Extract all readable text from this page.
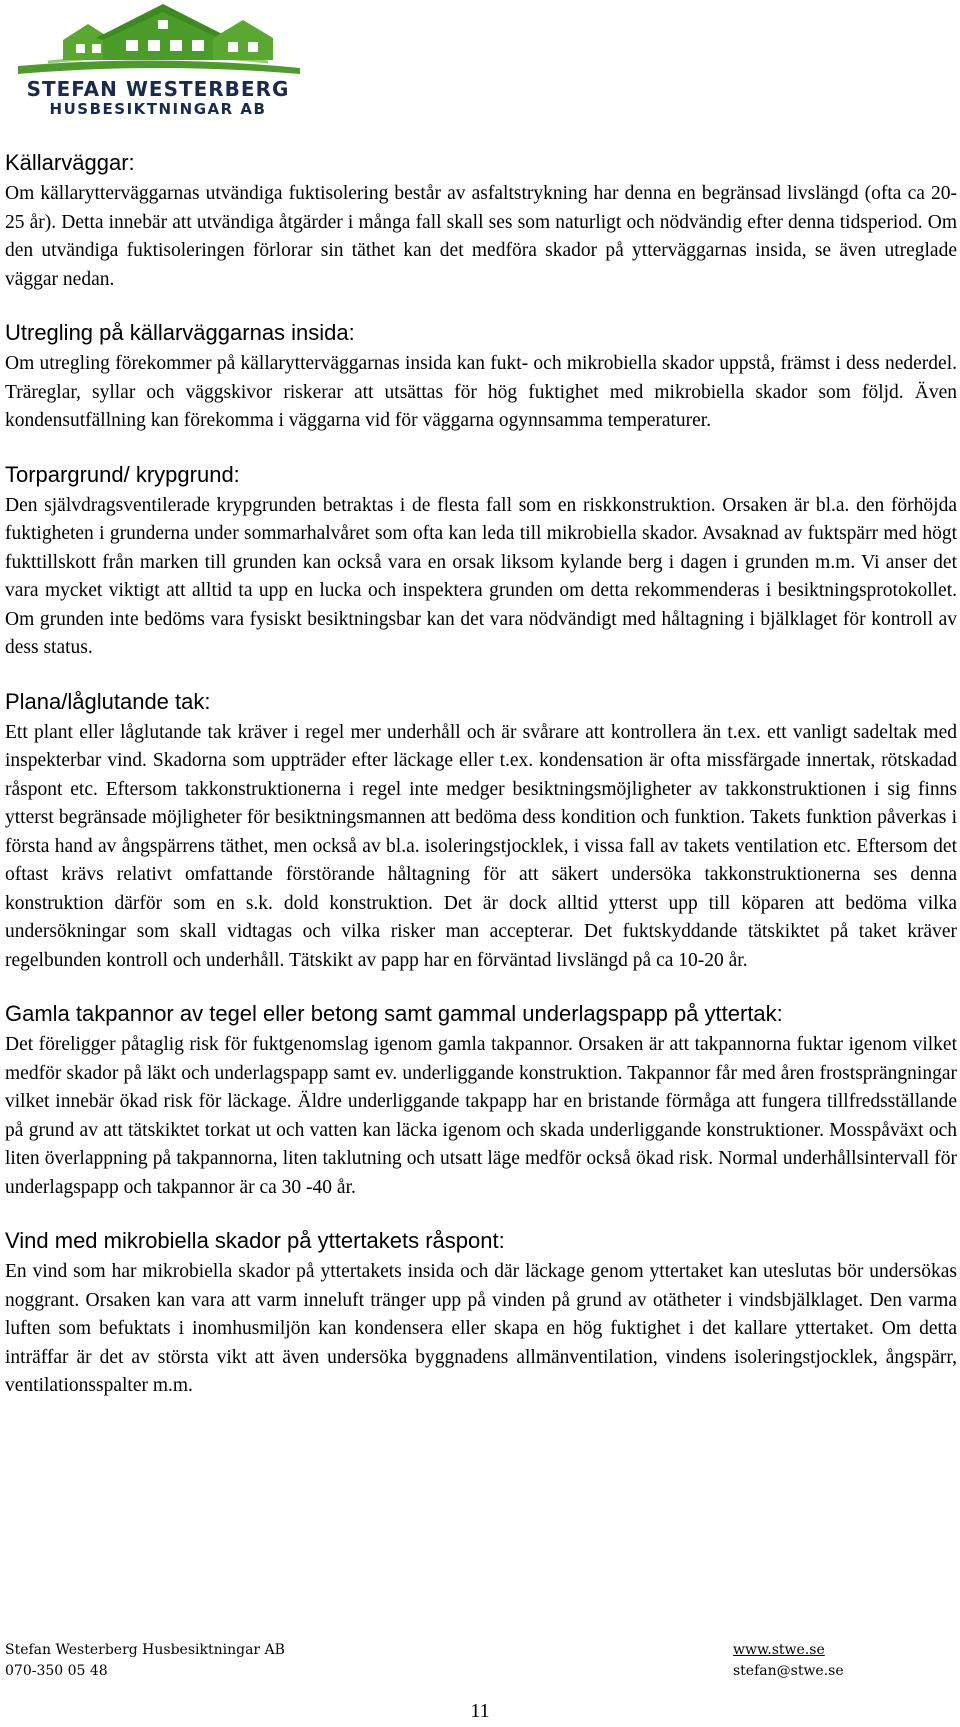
STEFAN WESTERBERG
HUSBESIKTNINGAR AB
Källarväggar:

Om källarytterväggarnas utvändiga fuktisolering består av asfaltstrykning har denna en begränsad livslängd (ofta ca 20-25 år). Detta innebär att utvändiga åtgärder i många fall skall ses som naturligt och nödvändig efter denna tidsperiod. Om den utvändiga fuktisoleringen förlorar sin täthet kan det medföra skador på ytterväggarnas insida, se även utreglade väggar nedan.

Utregling på källarväggarnas insida:

Om utregling förekommer på källarytterväggarnas insida kan fukt- och mikrobiella skador uppstå, främst i dess nederdel. Träreglar, syllar och väggskivor riskerar att utsättas för hög fuktighet med mikrobiella skador som följd. Även kondensutfällning kan förekomma i väggarna vid för väggarna ogynnsamma temperaturer.

Torpargrund/ krypgrund:

Den självdragsventilerade krypgrunden betraktas i de flesta fall som en riskkonstruktion. Orsaken är bl.a. den förhöjda fuktigheten i grunderna under sommarhalvåret som ofta kan leda till mikrobiella skador. Avsaknad av fuktspärr med högt fukttillskott från marken till grunden kan också vara en orsak liksom kylande berg i dagen i grunden m.m. Vi anser det vara mycket viktigt att alltid ta upp en lucka och inspektera grunden om detta rekommenderas i besiktningsprotokollet. Om grunden inte bedöms vara fysiskt besiktningsbar kan det vara nödvändigt med håltagning i bjälklaget för kontroll av dess status.

Plana/låglutande tak:

Ett plant eller låglutande tak kräver i regel mer underhåll och är svårare att kontrollera än t.ex. ett vanligt sadeltak med inspekterbar vind. Skadorna som uppträder efter läckage eller t.ex. kondensation är ofta missfärgade innertak, rötskadad råspont etc. Eftersom takkonstruktionerna i regel inte medger besiktningsmöjligheter av takkonstruktionen i sig finns ytterst begränsade möjligheter för besiktningsmannen att bedöma dess kondition och funktion. Takets funktion påverkas i första hand av ångspärrens täthet, men också av bl.a. isoleringstjocklek, i vissa fall av takets ventilation etc. Eftersom det oftast krävs relativt omfattande förstörande håltagning för att säkert undersöka takkonstruktionerna ses denna konstruktion därför som en s.k. dold konstruktion. Det är dock alltid ytterst upp till köparen att bedöma vilka undersökningar som skall vidtagas och vilka risker man accepterar. Det fuktskyddande tätskiktet på taket kräver regelbunden kontroll och underhåll. Tätskikt av papp har en förväntad livslängd på ca 10-20 år.

Gamla takpannor av tegel eller betong samt gammal underlagspapp på yttertak:

Det föreligger påtaglig risk för fuktgenomslag igenom gamla takpannor. Orsaken är att takpannorna fuktar igenom vilket medför skador på läkt och underlagspapp samt ev. underliggande konstruktion. Takpannor får med åren frostsprängningar vilket innebär ökad risk för läckage. Äldre underliggande takpapp har en bristande förmåga att fungera tillfredsställande på grund av att tätskiktet torkat ut och vatten kan läcka igenom och skada underliggande konstruktioner. Mosspåväxt och liten överlappning på takpannorna, liten taklutning och utsatt läge medför också ökad risk. Normal underhållsintervall för underlagspapp och takpannor är ca 30 -40 år.

Vind med mikrobiella skador på yttertakets råspont:

En vind som har mikrobiella skador på yttertakets insida och där läckage genom yttertaket kan uteslutas bör undersökas noggrant. Orsaken kan vara att varm inneluft tränger upp på vinden på grund av otätheter i vindsbjälklaget. Den varma luften som befuktats i inomhusmiljön kan kondensera eller skapa en hög fuktighet i det kallare yttertaket. Om detta inträffar är det av största vikt att även undersöka byggnadens allmänventilation, vindens isoleringstjocklek, ångspärr, ventilationsspalter m.m.

Stefan Westerberg Husbesiktningar AB
070-350 05 48
www.stwe.se
stefan@stwe.se
11
